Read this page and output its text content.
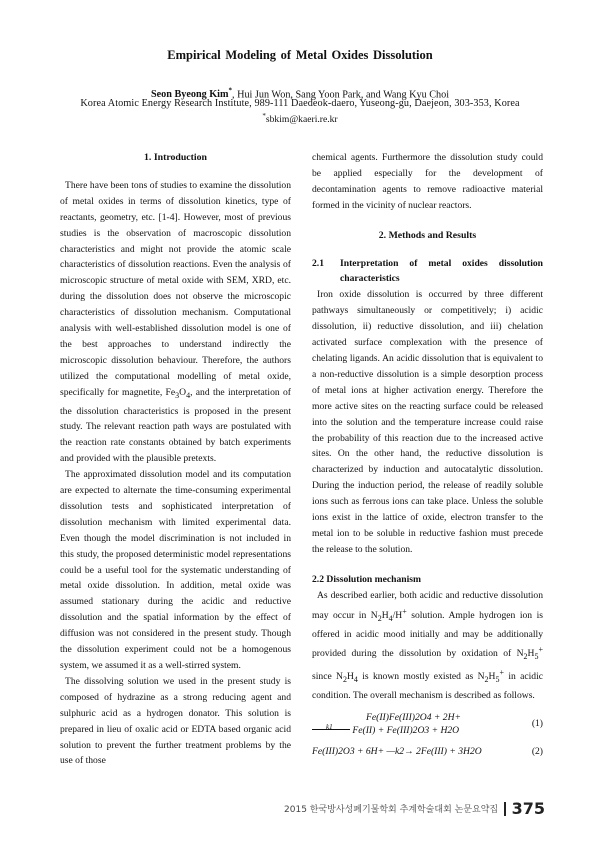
Empirical Modeling of Metal Oxides Dissolution
Seon Byeong Kim*, Hui Jun Won, Sang Yoon Park, and Wang Kyu Choi
Korea Atomic Energy Research Institute, 989-111 Daedeok-daero, Yuseong-gu, Daejeon, 303-353, Korea
*sbkim@kaeri.re.kr
1. Introduction

There have been tons of studies to examine the dissolution of metal oxides in terms of dissolution kinetics, type of reactants, geometry, etc. [1-4]. However, most of previous studies is the observation of macroscopic dissolution characteristics and might not provide the atomic scale characteristics of dissolution reactions. Even the analysis of microscopic structure of metal oxide with SEM, XRD, etc. during the dissolution does not observe the microscopic characteristics of dissolution mechanism. Computational analysis with well-established dissolution model is one of the best approaches to understand indirectly the microscopic dissolution behaviour. Therefore, the authors utilized the computational modelling of metal oxide, specifically for magnetite, $Fe_3O_4$, and the interpretation of the dissolution characteristics is proposed in the present study. The relevant reaction path ways are postulated with the reaction rate constants obtained by batch experiments and provided with the plausible pretexts.

The approximated dissolution model and its computation are expected to alternate the time-consuming experimental dissolution tests and sophisticated interpretation of dissolution mechanism with limited experimental data. Even though the model discrimination is not included in this study, the proposed deterministic model representations could be a useful tool for the systematic understanding of metal oxide dissolution. In addition, metal oxide was assumed stationary during the acidic and reductive dissolution and the spatial information by the effect of diffusion was not considered in the present study. Though the dissolution experiment could not be a homogenous system, we assumed it as a well-stirred system.

The dissolving solution we used in the present study is composed of hydrazine as a strong reducing agent and sulphuric acid as a hydrogen donator. This solution is prepared in lieu of oxalic acid or EDTA based organic acid solution to prevent the further treatment problems by the use of those

chemical agents. Furthermore the dissolution study could be applied especially for the development of decontamination agents to remove radioactive material formed in the vicinity of nuclear reactors.

2. Methods and Results
2.1	Interpretation of metal oxides dissolution characteristics

Iron oxide dissolution is occurred by three different pathways simultaneously or competitively; i) acidic dissolution, ii) reductive dissolution, and iii) chelation activated surface complexation with the presence of chelating ligands. An acidic dissolution that is equivalent to a non-reductive dissolution is a simple desorption process of metal ions at higher activation energy. Therefore the more active sites on the reacting surface could be released into the solution and the temperature increase could raise the probability of this reaction due to the increased active sites. On the other hand, the reductive dissolution is characterized by induction and autocatalytic dissolution. During the induction period, the release of readily soluble ions such as ferrous ions can take place. Unless the soluble ions exist in the lattice of oxide, electron transfer to the metal ion to be soluble in reductive fashion must precede the release to the solution.

2.2 Dissolution mechanism

As described earlier, both acidic and reductive dissolution may occur in $N_2H_4/H^+$ solution. Ample hydrogen ion is offered in acidic mood initially and may be additionally provided during the dissolution by oxidation of $N_2H_5^+$ since $N_2H_4$ is known mostly existed as $N_2H_5^+$ in acidic condition. The overall mechanism is described as follows.

Fe(II)Fe(III)2O4 + 2H+
k1 Fe(II) + Fe(III)2O3 + H2O
(1)
Fe(III)2O3 + 6H+ —k2→ 2Fe(III) + 3H2O	(2)
2015 한국방사성폐기물학회 추계학술대회 논문요약집 375
